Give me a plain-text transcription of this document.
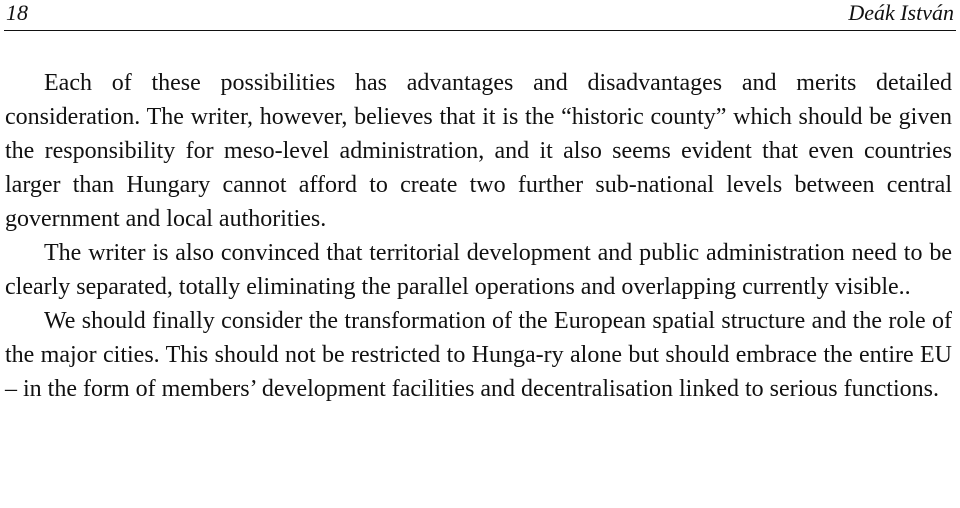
18	Deák István

Each of these possibilities has advantages and disadvantages and merits detailed consideration. The writer, however, believes that it is the “historic county” which should be given the responsibility for meso-level administration, and it also seems evident that even countries larger than Hungary cannot afford to create two further sub-national levels between central government and local authorities.

The writer is also convinced that territorial development and public administration need to be clearly separated, totally eliminating the parallel operations and overlapping currently visible..

We should finally consider the transformation of the European spatial structure and the role of the major cities. This should not be restricted to Hunga-ry alone but should embrace the entire EU – in the form of members’ development facilities and decentralisation linked to serious functions.
